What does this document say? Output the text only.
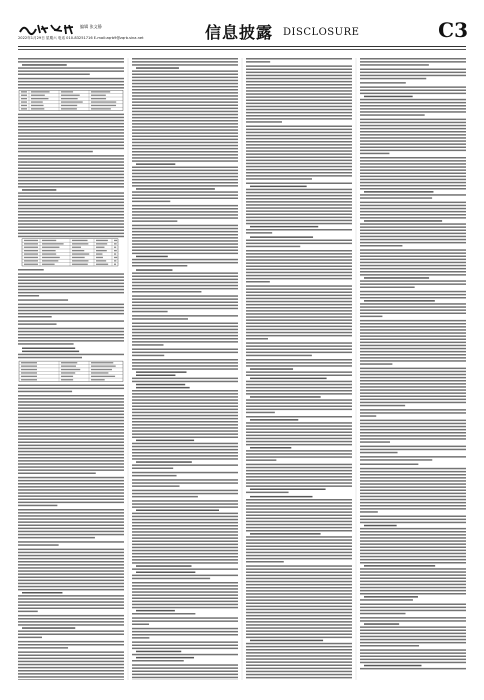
编辑 张文静
2022年1月29日 星期六 电话 010-83251716 E-mail:zqrb9@zqrb.sina.net	信息披露 DISCLOSURE	C3
